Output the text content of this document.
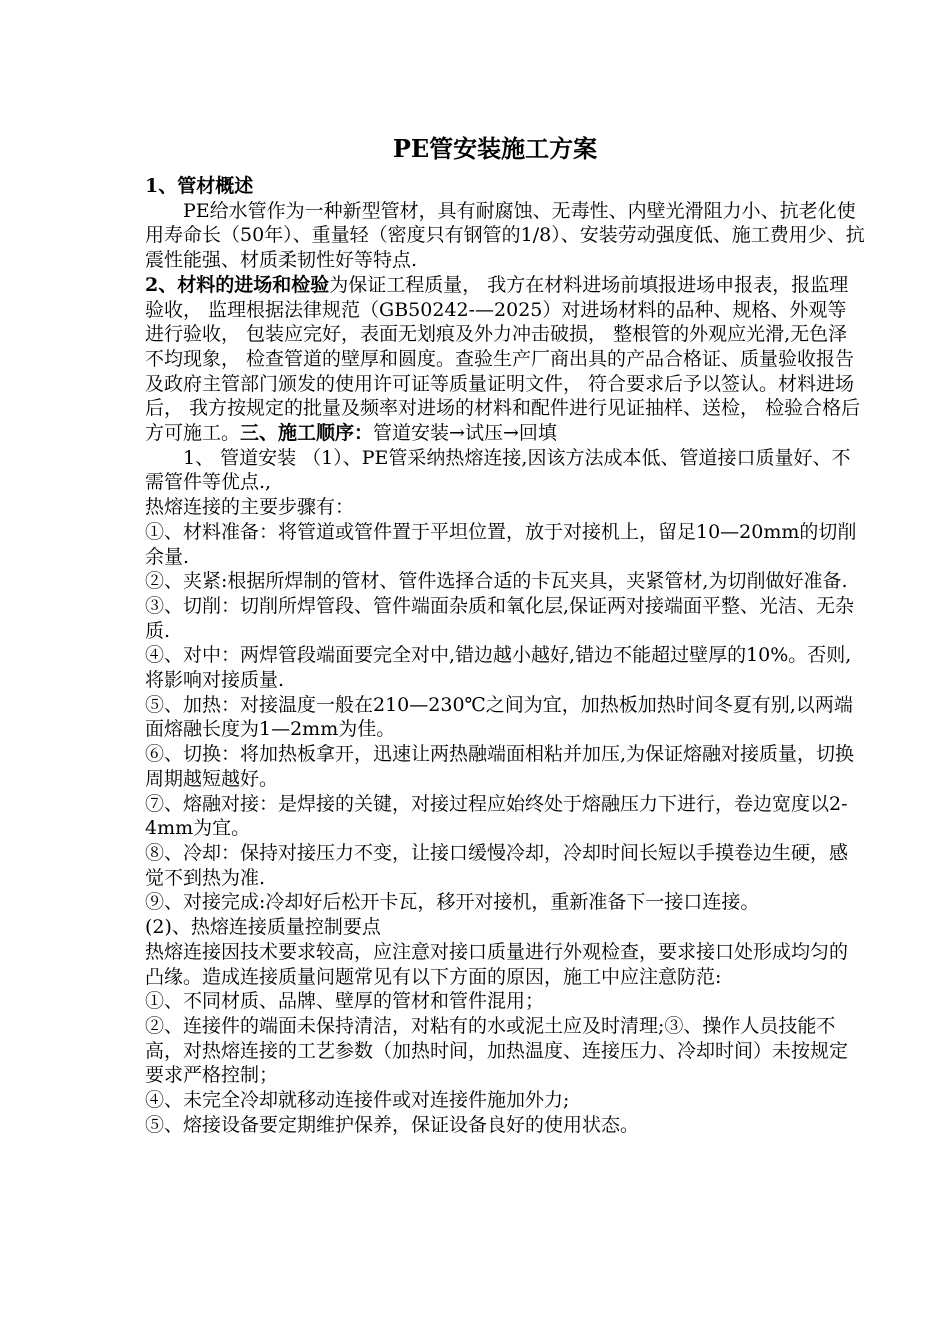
PE管安装施工方案

1、管材概述

PE给水管作为一种新型管材，具有耐腐蚀、无毒性、内壁光滑阻力小、抗老化使用寿命长（50年）、重量轻（密度只有钢管的1/8）、安装劳动强度低、施工费用少、抗震性能强、材质柔韧性好等特点.

2、材料的进场和检验为保证工程质量， 我方在材料进场前填报进场申报表，报监理验收， 监理根据法律规范（GB50242-—2025）对进场材料的品种、规格、外观等进行验收， 包装应完好，表面无划痕及外力冲击破损， 整根管的外观应光滑,无色泽不均现象， 检查管道的壁厚和圆度。查验生产厂商出具的产品合格证、质量验收报告及政府主管部门颁发的使用许可证等质量证明文件， 符合要求后予以签认。材料进场后， 我方按规定的批量及频率对进场的材料和配件进行见证抽样、送检， 检验合格后方可施工。三、施工顺序：管道安装→试压→回填

1、 管道安装 （1）、PE管采纳热熔连接,因该方法成本低、管道接口质量好、不需管件等优点.,

热熔连接的主要步骤有：

①、材料准备：将管道或管件置于平坦位置，放于对接机上，留足10—20mm的切削余量.

②、夹紧:根据所焊制的管材、管件选择合适的卡瓦夹具，夹紧管材,为切削做好准备.

③、切削：切削所焊管段、管件端面杂质和氧化层,保证两对接端面平整、光洁、无杂质.

④、对中：两焊管段端面要完全对中,错边越小越好,错边不能超过壁厚的10%。否则,将影响对接质量.

⑤、加热：对接温度一般在210—230℃之间为宜，加热板加热时间冬夏有别,以两端面熔融长度为1—2mm为佳。

⑥、切换：将加热板拿开，迅速让两热融端面相粘并加压,为保证熔融对接质量，切换周期越短越好。

⑦、熔融对接：是焊接的关键，对接过程应始终处于熔融压力下进行，卷边宽度以2-4mm为宜。

⑧、冷却：保持对接压力不变，让接口缓慢冷却，冷却时间长短以手摸卷边生硬，感觉不到热为准.

⑨、对接完成:冷却好后松开卡瓦，移开对接机，重新准备下一接口连接。

(2)、热熔连接质量控制要点

热熔连接因技术要求较高，应注意对接口质量进行外观检查，要求接口处形成均匀的凸缘。造成连接质量问题常见有以下方面的原因，施工中应注意防范:

①、不同材质、品牌、壁厚的管材和管件混用；

②、连接件的端面未保持清洁，对粘有的水或泥土应及时清理;③、操作人员技能不高，对热熔连接的工艺参数（加热时间，加热温度、连接压力、冷却时间）未按规定要求严格控制；

④、未完全冷却就移动连接件或对连接件施加外力;

⑤、熔接设备要定期维护保养，保证设备良好的使用状态。
